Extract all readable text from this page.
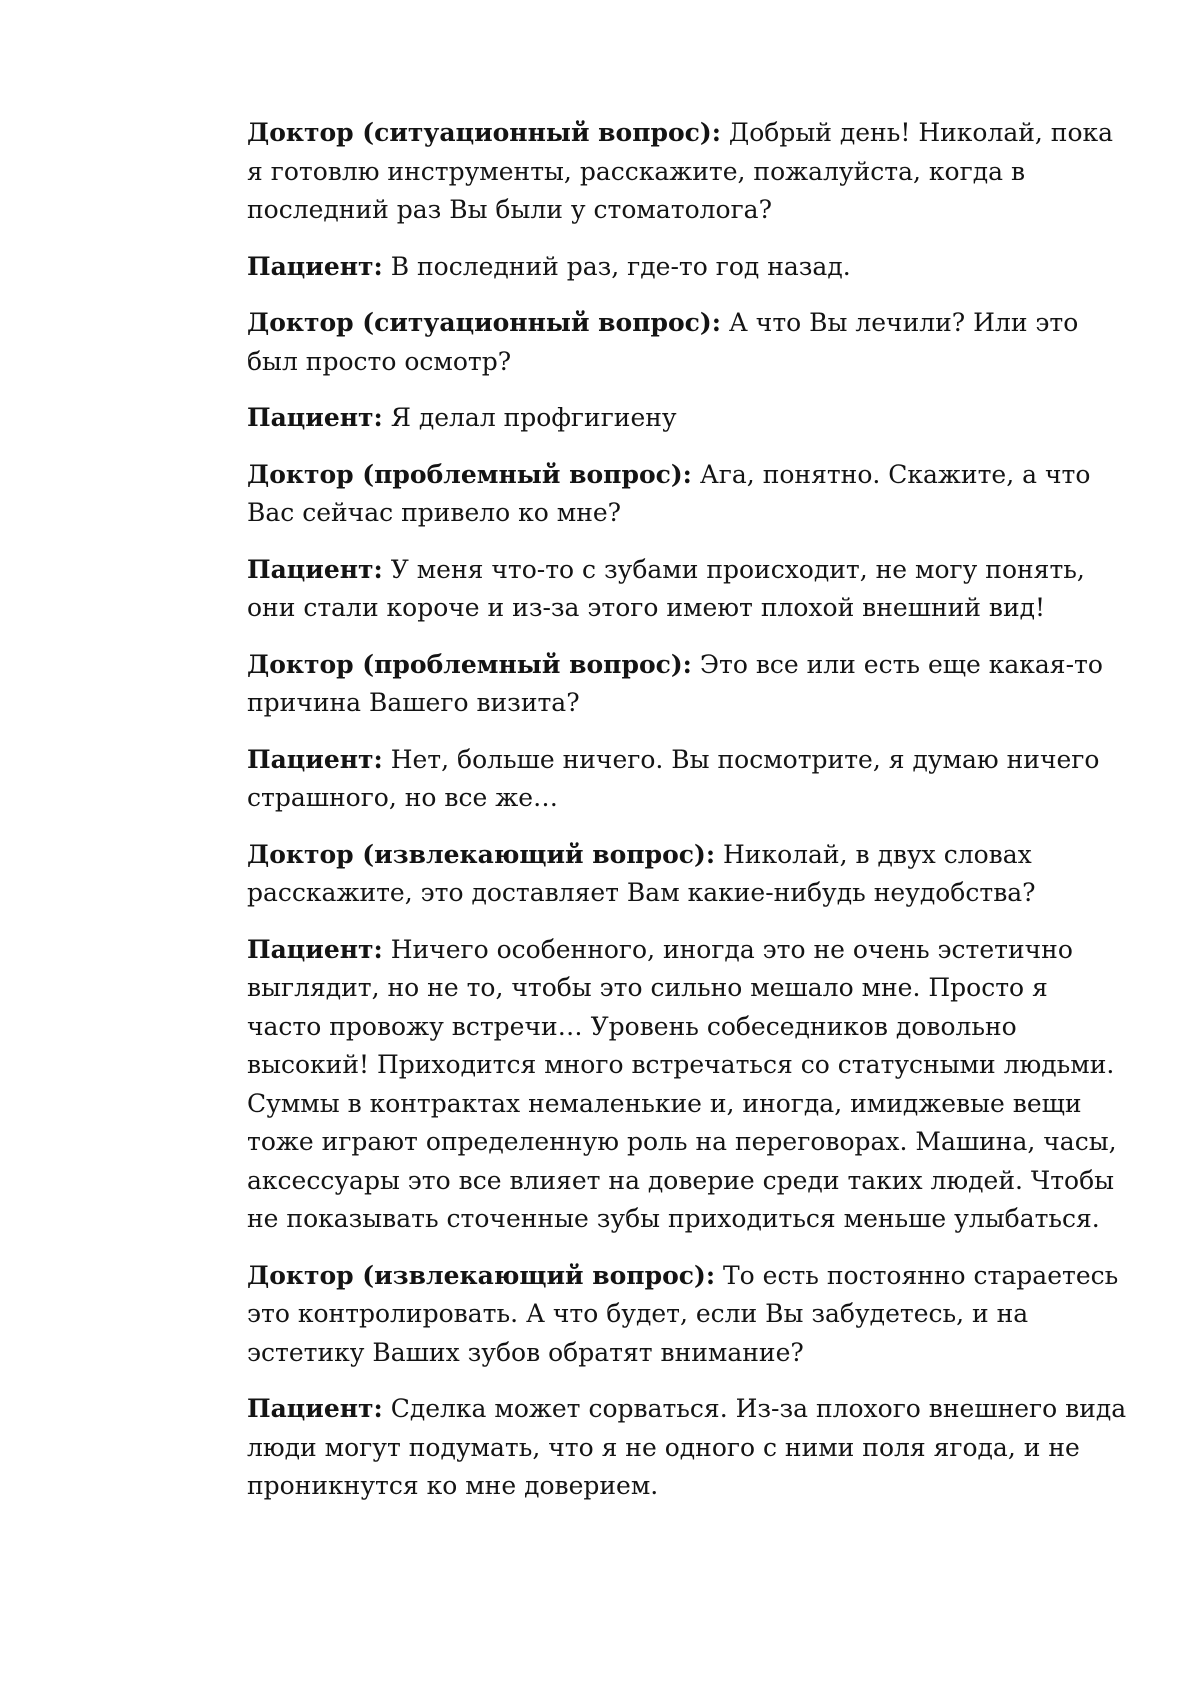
Доктор (ситуационный вопрос): Добрый день! Николай, пока я готовлю инструменты, расскажите, пожалуйста, когда в последний раз Вы были у стоматолога?

Пациент: В последний раз, где-то год назад.

Доктор (ситуационный вопрос): А что Вы лечили? Или это был просто осмотр?

Пациент: Я делал профгигиену

Доктор (проблемный вопрос): Ага, понятно. Скажите, а что Вас сейчас привело ко мне?

Пациент: У меня что-то с зубами происходит, не могу понять, они стали короче и из-за этого имеют плохой внешний вид!

Доктор (проблемный вопрос): Это все или есть еще какая-то причина Вашего визита?

Пациент: Нет, больше ничего. Вы посмотрите, я думаю ничего страшного, но все же…

Доктор (извлекающий вопрос): Николай, в двух словах расскажите, это доставляет Вам какие-нибудь неудобства?

Пациент: Ничего особенного, иногда это не очень эстетично выглядит, но не то, чтобы это сильно мешало мне. Просто я часто провожу встречи… Уровень собеседников довольно высокий! Приходится много встречаться со статусными людьми. Суммы в контрактах немаленькие и, иногда, имиджевые вещи тоже играют определенную роль на переговорах. Машина, часы, аксессуары это все влияет на доверие среди таких людей. Чтобы не показывать сточенные зубы приходиться меньше улыбаться.

Доктор (извлекающий вопрос): То есть постоянно стараетесь это контролировать. А что будет, если Вы забудетесь, и на эстетику Ваших зубов обратят внимание?

Пациент: Сделка может сорваться. Из-за плохого внешнего вида люди могут подумать, что я не одного с ними поля ягода, и не проникнутся ко мне доверием.
